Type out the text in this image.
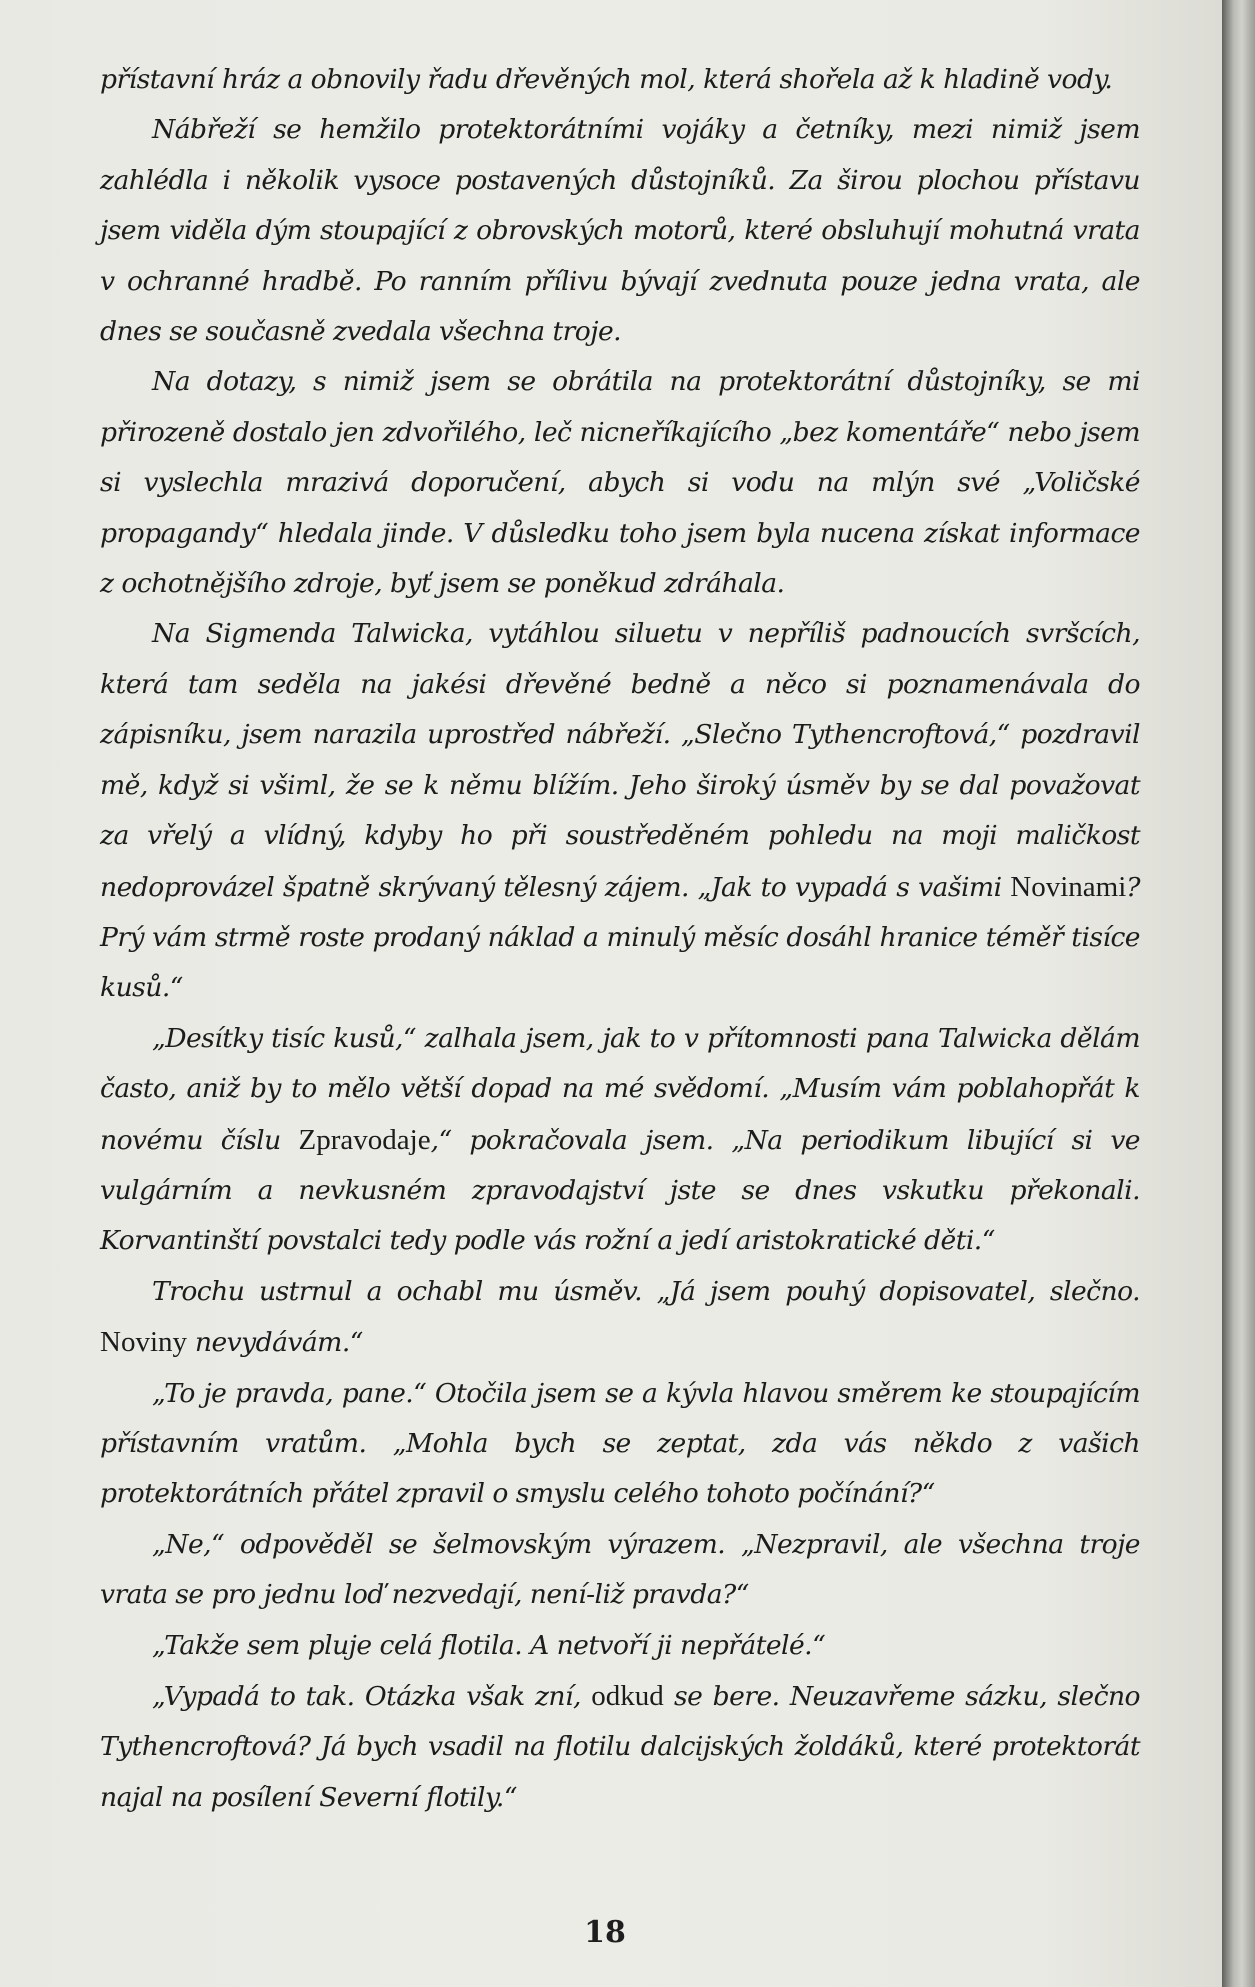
přístavní hráz a obnovily řadu dřevěných mol, která shořela až k hladině vody.

Nábřeží se hemžilo protektorátními vojáky a četníky, mezi nimiž jsem zahlédla i několik vysoce postavených důstojníků. Za širou plochou přístavu jsem viděla dým stoupající z obrovských motorů, které obsluhují mohutná vrata v ochranné hradbě. Po ranním přílivu bývají zvednuta pouze jedna vrata, ale dnes se současně zvedala všechna troje.

Na dotazy, s nimiž jsem se obrátila na protektorátní důstojníky, se mi přirozeně dostalo jen zdvořilého, leč nicneříkajícího „bez komentáře“ nebo jsem si vyslechla mrazivá doporučení, abych si vodu na mlýn své „Voličské propagandy“ hledala jinde. V důsledku toho jsem byla nucena získat informace z ochotnějšího zdroje, byť jsem se poněkud zdráhala.

Na Sigmenda Talwicka, vytáhlou siluetu v nepříliš padnoucích svršcích, která tam seděla na jakési dřevěné bedně a něco si poznamenávala do zápisníku, jsem narazila uprostřed nábřeží. „Slečno Tythencroftová,“ pozdravil mě, když si všiml, že se k němu blížím. Jeho široký úsměv by se dal považovat za vřelý a vlídný, kdyby ho při soustředěném pohledu na moji maličkost nedoprovázel špatně skrývaný tělesný zájem. „Jak to vypadá s vašimi Novinami? Prý vám strmě roste prodaný náklad a minulý měsíc dosáhl hranice téměř tisíce kusů.“

„Desítky tisíc kusů,“ zalhala jsem, jak to v přítomnosti pana Talwicka dělám často, aniž by to mělo větší dopad na mé svědomí. „Musím vám poblahopřát k novému číslu Zpravodaje,“ pokračovala jsem. „Na periodikum libující si ve vulgárním a nevkusném zpravodajství jste se dnes vskutku překonali. Korvantinští povstalci tedy podle vás rožní a jedí aristokratické děti.“

Trochu ustrnul a ochabl mu úsměv. „Já jsem pouhý dopisovatel, slečno. Noviny nevydávám.“

„To je pravda, pane.“ Otočila jsem se a kývla hlavou směrem ke stoupajícím přístavním vratům. „Mohla bych se zeptat, zda vás někdo z vašich protektorátních přátel zpravil o smyslu celého tohoto počínání?“

„Ne,“ odpověděl se šelmovským výrazem. „Nezpravil, ale všechna troje vrata se pro jednu loď nezvedají, není-liž pravda?“

„Takže sem pluje celá flotila. A netvoří ji nepřátelé.“

„Vypadá to tak. Otázka však zní, odkud se bere. Neuzavřeme sázku, slečno Tythencroftová? Já bych vsadil na flotilu dalcijských žoldáků, které protektorát najal na posílení Severní flotily.“

18
